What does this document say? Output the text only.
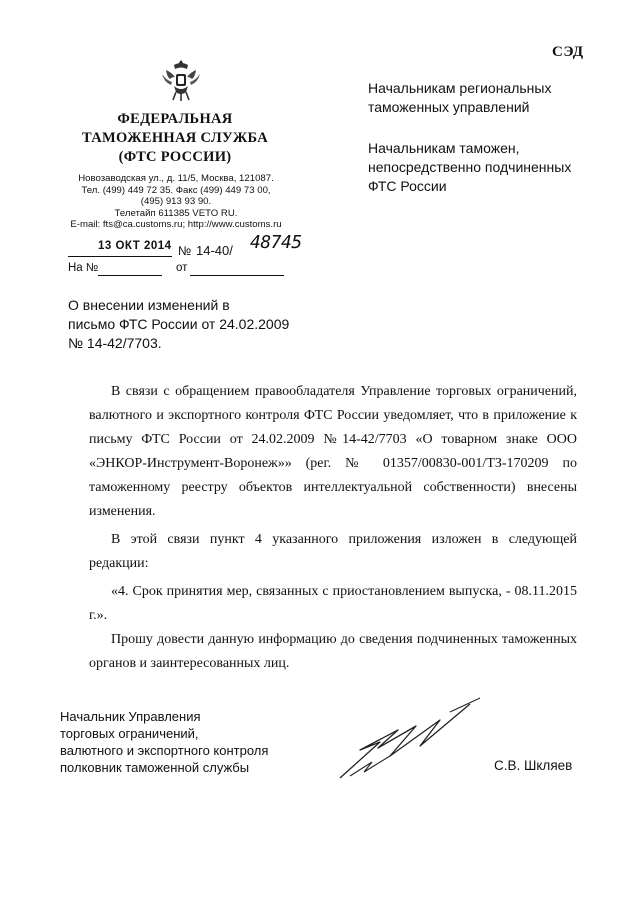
СЭД
ФЕДЕРАЛЬНАЯ
ТАМОЖЕННАЯ СЛУЖБА
(ФТС РОССИИ)
Новозаводская ул., д. 11/5, Москва, 121087.
Тел. (499) 449 72 35. Факс (499) 449 73 00,
(495) 913 93 90.
Телетайп 611385 VETO RU.
E-mail: fts@ca.customs.ru; http://www.customs.ru
13 ОКТ 2014 № 14-40/ 48745
На №	от
Начальникам региональных
таможенных управлений
Начальникам таможен,
непосредственно подчиненных
ФТС России
О внесении изменений в
письмо ФТС России от 24.02.2009
№ 14-42/7703.
В связи с обращением правообладателя Управление торговых ограничений, валютного и экспортного контроля ФТС России уведомляет, что в приложение к письму ФТС России от 24.02.2009 №14-42/7703 «О товарном знаке ООО «ЭНКОР-Инструмент-Воронеж»» (рег. № 01357/00830-001/ТЗ-170209 по таможенному реестру объектов интеллектуальной собственности) внесены изменения.
В этой связи пункт 4 указанного приложения изложен в следующей редакции:
«4. Срок принятия мер, связанных с приостановлением выпуска, - 08.11.2015 г.».
Прошу довести данную информацию до сведения подчиненных таможенных органов и заинтересованных лиц.
Начальник Управления
торговых ограничений,
валютного и экспортного контроля
полковник таможенной службы	С.В. Шкляев
